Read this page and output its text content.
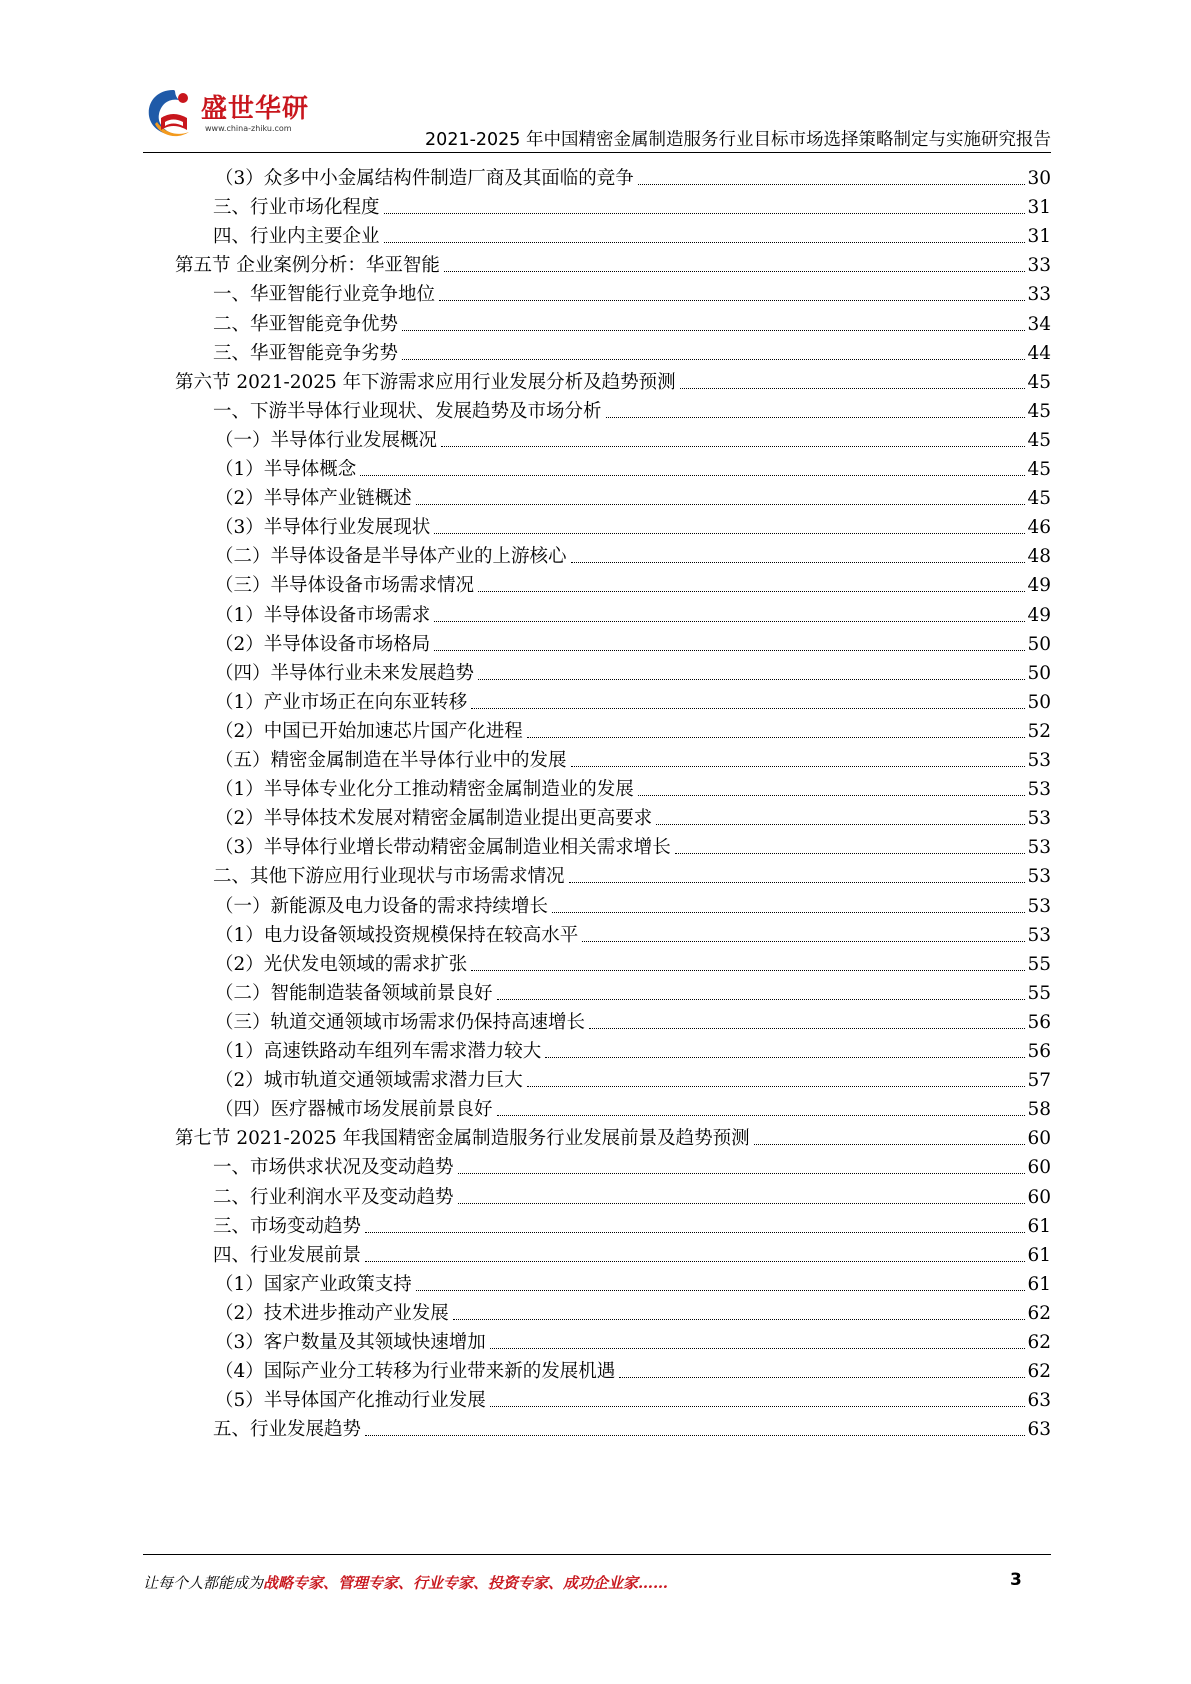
盛世华研
www.china-zhiku.com
2021-2025 年中国精密金属制造服务行业目标市场选择策略制定与实施研究报告
（3）众多中小金属结构件制造厂商及其面临的竞争	30
三、行业市场化程度	31
四、行业内主要企业	31
第五节 企业案例分析：华亚智能	33
一、华亚智能行业竞争地位	33
二、华亚智能竞争优势	34
三、华亚智能竞争劣势	44
第六节 2021-2025 年下游需求应用行业发展分析及趋势预测	45
一、下游半导体行业现状、发展趋势及市场分析	45
（一）半导体行业发展概况	45
（1）半导体概念	45
（2）半导体产业链概述	45
（3）半导体行业发展现状	46
（二）半导体设备是半导体产业的上游核心	48
（三）半导体设备市场需求情况	49
（1）半导体设备市场需求	49
（2）半导体设备市场格局	50
（四）半导体行业未来发展趋势	50
（1）产业市场正在向东亚转移	50
（2）中国已开始加速芯片国产化进程	52
（五）精密金属制造在半导体行业中的发展	53
（1）半导体专业化分工推动精密金属制造业的发展	53
（2）半导体技术发展对精密金属制造业提出更高要求	53
（3）半导体行业增长带动精密金属制造业相关需求增长	53
二、其他下游应用行业现状与市场需求情况	53
（一）新能源及电力设备的需求持续增长	53
（1）电力设备领域投资规模保持在较高水平	53
（2）光伏发电领域的需求扩张	55
（二）智能制造装备领域前景良好	55
（三）轨道交通领域市场需求仍保持高速增长	56
（1）高速铁路动车组列车需求潜力较大	56
（2）城市轨道交通领域需求潜力巨大	57
（四）医疗器械市场发展前景良好	58
第七节 2021-2025 年我国精密金属制造服务行业发展前景及趋势预测	60
一、市场供求状况及变动趋势	60
二、行业利润水平及变动趋势	60
三、市场变动趋势	61
四、行业发展前景	61
（1）国家产业政策支持	61
（2）技术进步推动产业发展	62
（3）客户数量及其领域快速增加	62
（4）国际产业分工转移为行业带来新的发展机遇	62
（5）半导体国产化推动行业发展	63
五、行业发展趋势	63
让每个人都能成为战略专家、管理专家、行业专家、投资专家、成功企业家……	3
